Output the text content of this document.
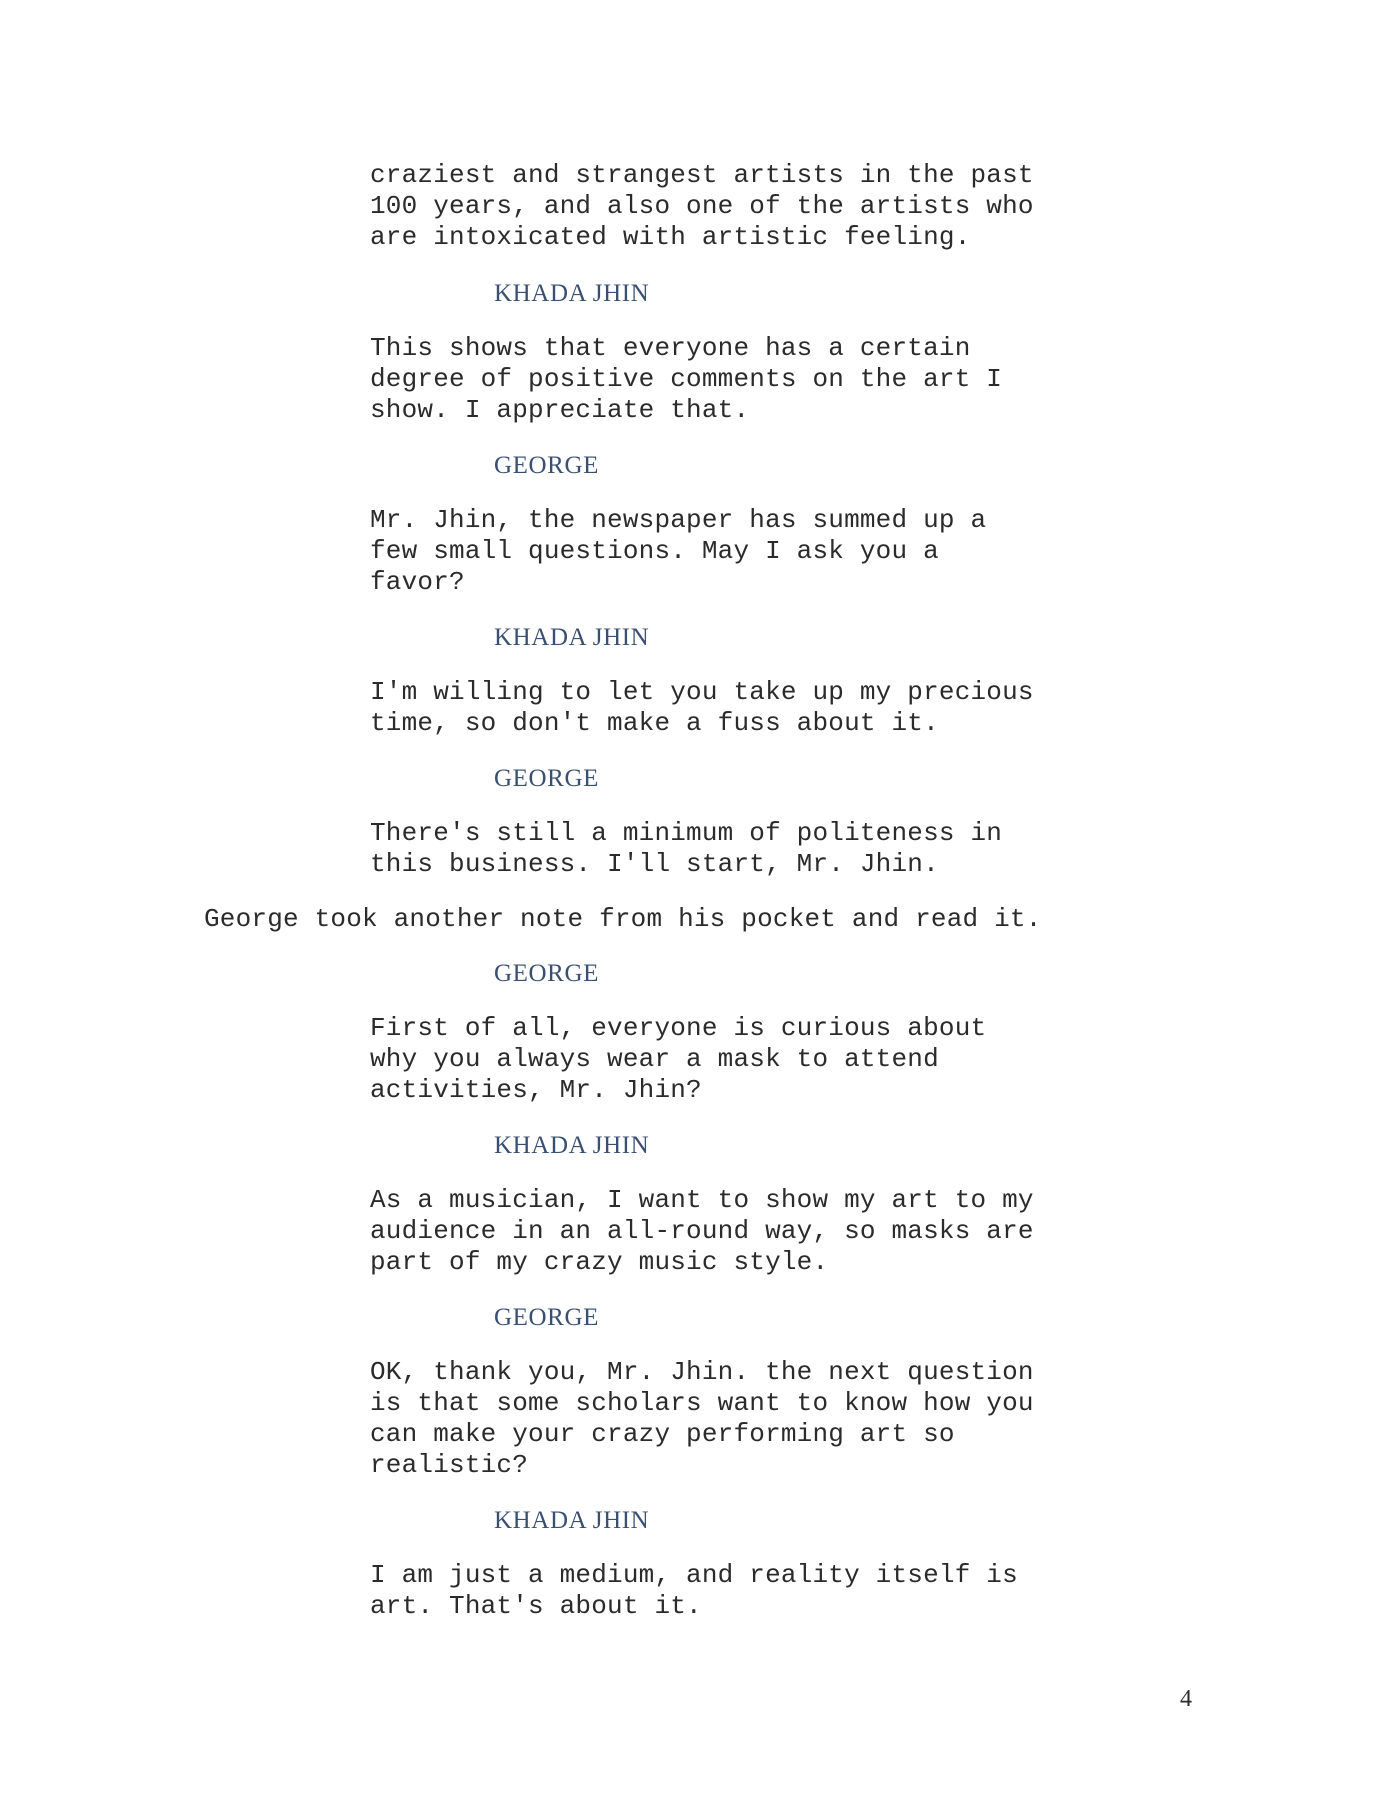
craziest and strangest artists in the past
100 years, and also one of the artists who
are intoxicated with artistic feeling.
KHADA JHIN
This shows that everyone has a certain
degree of positive comments on the art I
show. I appreciate that.
GEORGE
Mr. Jhin, the newspaper has summed up a
few small questions. May I ask you a
favor?
KHADA JHIN
I'm willing to let you take up my precious
time, so don't make a fuss about it.
GEORGE
There's still a minimum of politeness in
this business. I'll start, Mr. Jhin.
George took another note from his pocket and read it.
GEORGE
First of all, everyone is curious about
why you always wear a mask to attend
activities, Mr. Jhin?
KHADA JHIN
As a musician, I want to show my art to my
audience in an all-round way, so masks are
part of my crazy music style.
GEORGE
OK, thank you, Mr. Jhin. the next question
is that some scholars want to know how you
can make your crazy performing art so
realistic?
KHADA JHIN
I am just a medium, and reality itself is
art. That's about it.
4
